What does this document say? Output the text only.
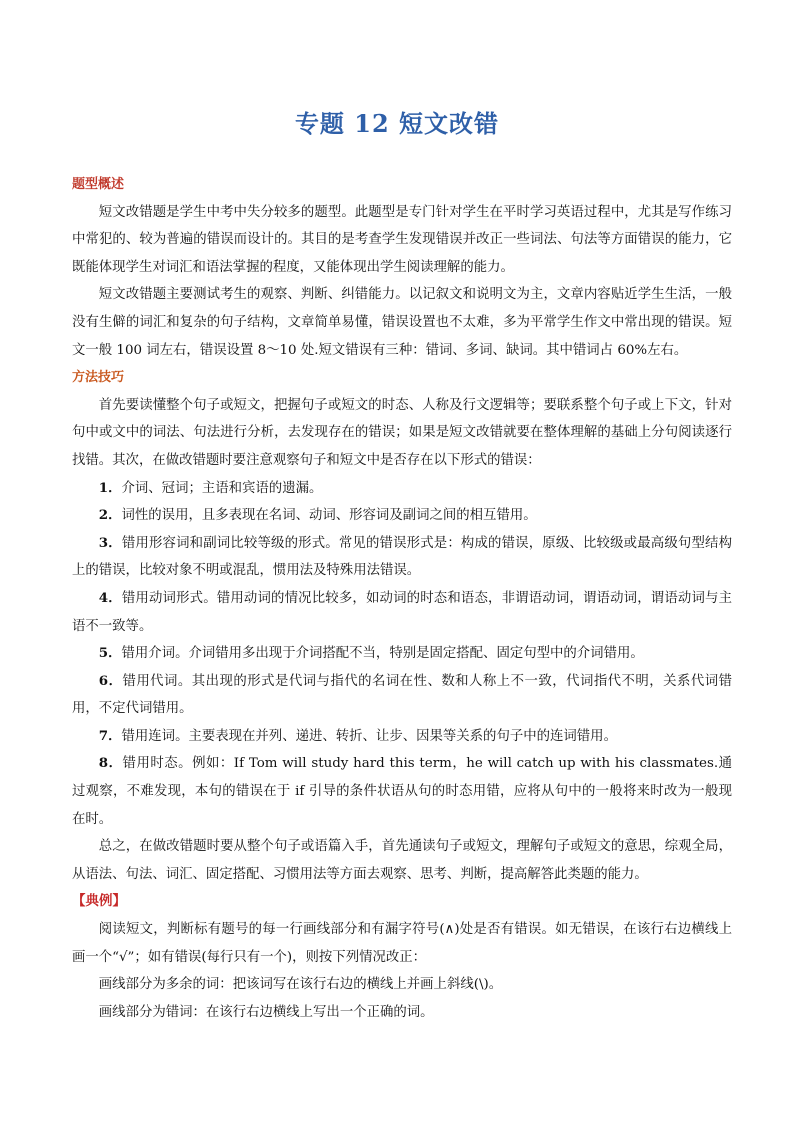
专题 12 短文改错

题型概述

短文改错题是学生中考中失分较多的题型。此题型是专门针对学生在平时学习英语过程中，尤其是写作练习中常犯的、较为普遍的错误而设计的。其目的是考查学生发现错误并改正一些词法、句法等方面错误的能力，它既能体现学生对词汇和语法掌握的程度，又能体现出学生阅读理解的能力。

短文改错题主要测试考生的观察、判断、纠错能力。以记叙文和说明文为主，文章内容贴近学生生活，一般没有生僻的词汇和复杂的句子结构，文章简单易懂，错误设置也不太难，多为平常学生作文中常出现的错误。短文一般 100 词左右，错误设置 8～10 处.短文错误有三种：错词、多词、缺词。其中错词占 60%左右。

方法技巧

首先要读懂整个句子或短文，把握句子或短文的时态、人称及行文逻辑等；要联系整个句子或上下文，针对句中或文中的词法、句法进行分析，去发现存在的错误；如果是短文改错就要在整体理解的基础上分句阅读逐行找错。其次，在做改错题时要注意观察句子和短文中是否存在以下形式的错误：

1．介词、冠词；主语和宾语的遗漏。

2．词性的误用，且多表现在名词、动词、形容词及副词之间的相互错用。

3．错用形容词和副词比较等级的形式。常见的错误形式是：构成的错误，原级、比较级或最高级句型结构上的错误，比较对象不明或混乱，惯用法及特殊用法错误。

4．错用动词形式。错用动词的情况比较多，如动词的时态和语态，非谓语动词，谓语动词，谓语动词与主语不一致等。

5．错用介词。介词错用多出现于介词搭配不当，特别是固定搭配、固定句型中的介词错用。

6．错用代词。其出现的形式是代词与指代的名词在性、数和人称上不一致，代词指代不明，关系代词错用，不定代词错用。

7．错用连词。主要表现在并列、递进、转折、让步、因果等关系的句子中的连词错用。

8．错用时态。例如：If Tom will study hard this term，he will catch up with his classmates.通过观察，不难发现，本句的错误在于 if 引导的条件状语从句的时态用错，应将从句中的一般将来时改为一般现在时。

总之，在做改错题时要从整个句子或语篇入手，首先通读句子或短文，理解句子或短文的意思，综观全局，从语法、句法、词汇、固定搭配、习惯用法等方面去观察、思考、判断，提高解答此类题的能力。

【典例】

阅读短文，判断标有题号的每一行画线部分和有漏字符号(∧)处是否有错误。如无错误，在该行右边横线上画一个“√”；如有错误(每行只有一个)，则按下列情况改正：

画线部分为多余的词：把该词写在该行右边的横线上并画上斜线(\)。

画线部分为错词：在该行右边横线上写出一个正确的词。
